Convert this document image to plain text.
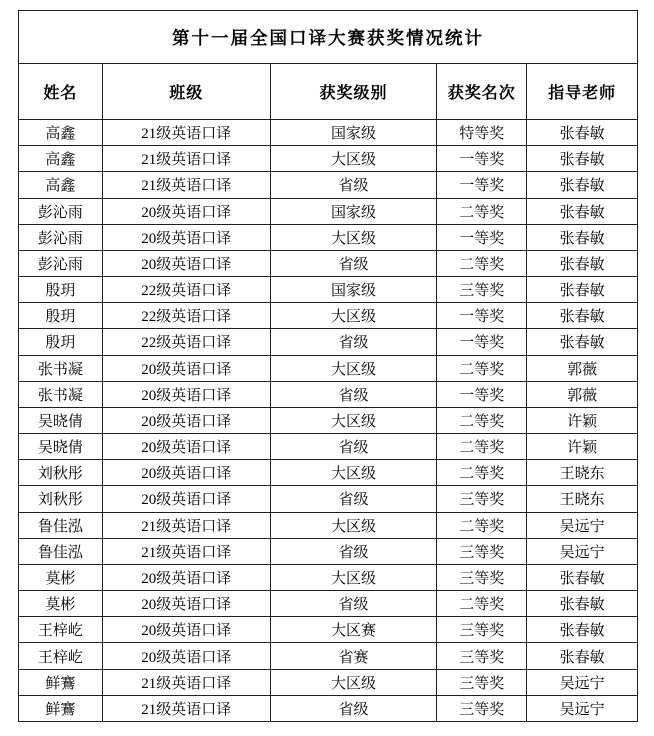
第十一届全国口译大赛获奖情况统计				
姓名	班级	获奖级别	获奖名次	指导老师
高鑫	21级英语口译	国家级	特等奖	张春敏
高鑫	21级英语口译	大区级	一等奖	张春敏
高鑫	21级英语口译	省级	一等奖	张春敏
彭沁雨	20级英语口译	国家级	二等奖	张春敏
彭沁雨	20级英语口译	大区级	一等奖	张春敏
彭沁雨	20级英语口译	省级	二等奖	张春敏
殷玥	22级英语口译	国家级	三等奖	张春敏
殷玥	22级英语口译	大区级	一等奖	张春敏
殷玥	22级英语口译	省级	一等奖	张春敏
张书凝	20级英语口译	大区级	二等奖	郭薇
张书凝	20级英语口译	省级	一等奖	郭薇
吴晓倩	20级英语口译	大区级	二等奖	许颖
吴晓倩	20级英语口译	省级	二等奖	许颖
刘秋彤	20级英语口译	大区级	二等奖	王晓东
刘秋彤	20级英语口译	省级	三等奖	王晓东
鲁佳泓	21级英语口译	大区级	二等奖	吴远宁
鲁佳泓	21级英语口译	省级	三等奖	吴远宁
莫彬	20级英语口译	大区级	三等奖	张春敏
莫彬	20级英语口译	省级	二等奖	张春敏
王梓屹	20级英语口译	大区赛	三等奖	张春敏
王梓屹	20级英语口译	省赛	三等奖	张春敏
鲜鶱	21级英语口译	大区级	三等奖	吴远宁
鲜鶱	21级英语口译	省级	三等奖	吴远宁
